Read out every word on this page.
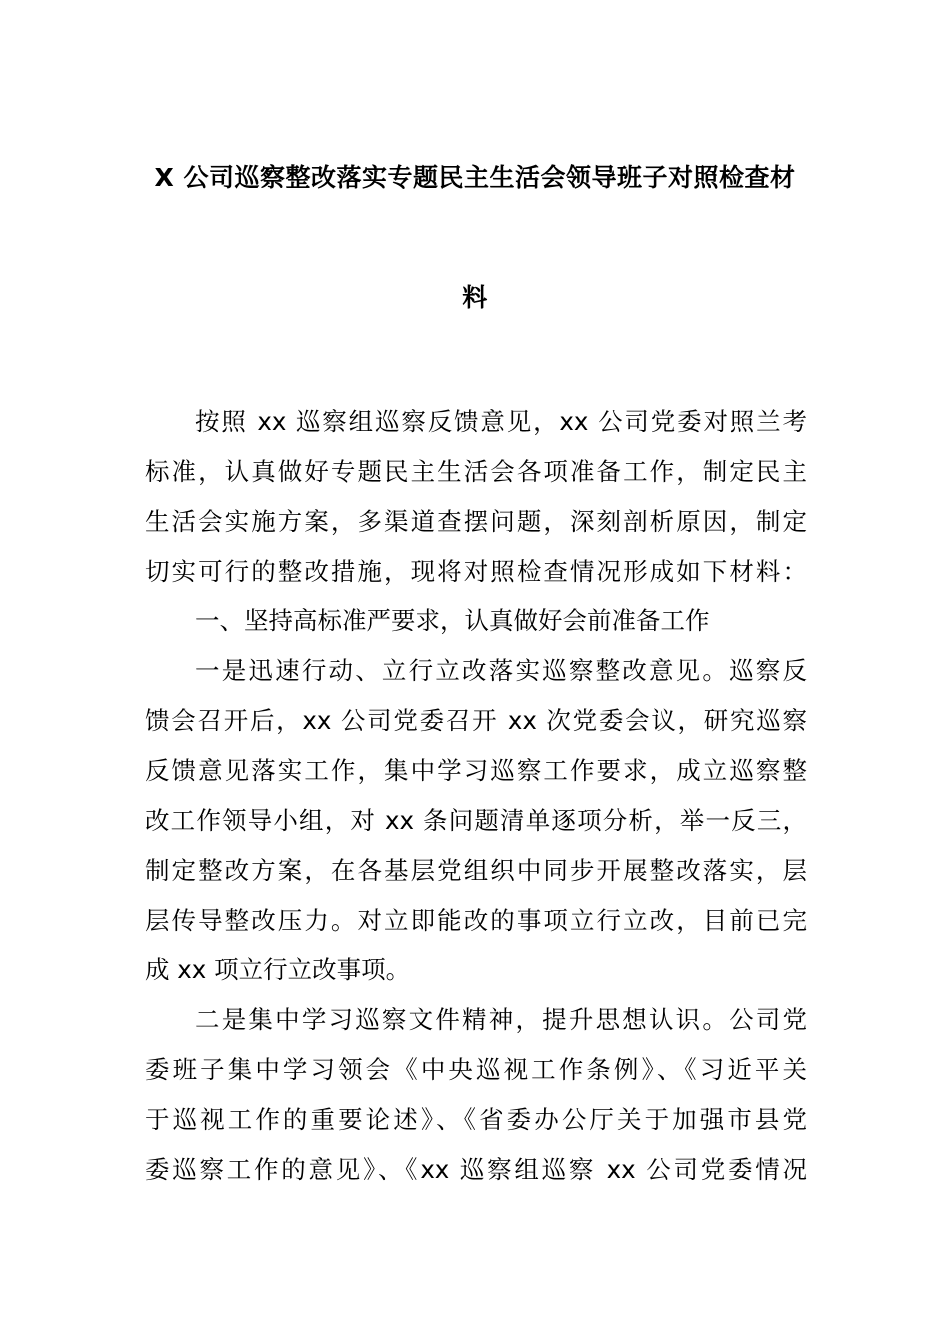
X 公司巡察整改落实专题民主生活会领导班子对照检查材
料
按照 xx 巡察组巡察反馈意见，xx 公司党委对照兰考
标准，认真做好专题民主生活会各项准备工作，制定民主
生活会实施方案，多渠道查摆问题，深刻剖析原因，制定
切实可行的整改措施，现将对照检查情况形成如下材料：
一、坚持高标准严要求，认真做好会前准备工作
一是迅速行动、立行立改落实巡察整改意见。巡察反
馈会召开后，xx 公司党委召开 xx 次党委会议，研究巡察
反馈意见落实工作，集中学习巡察工作要求，成立巡察整
改工作领导小组，对 xx 条问题清单逐项分析，举一反三，
制定整改方案，在各基层党组织中同步开展整改落实，层
层传导整改压力。对立即能改的事项立行立改，目前已完
成 xx 项立行立改事项。
二是集中学习巡察文件精神，提升思想认识。公司党
委班子集中学习领会《中央巡视工作条例》、《习近平关
于巡视工作的重要论述》、《省委办公厅关于加强市县党
委巡察工作的意见》、《xx 巡察组巡察 xx 公司党委情况
